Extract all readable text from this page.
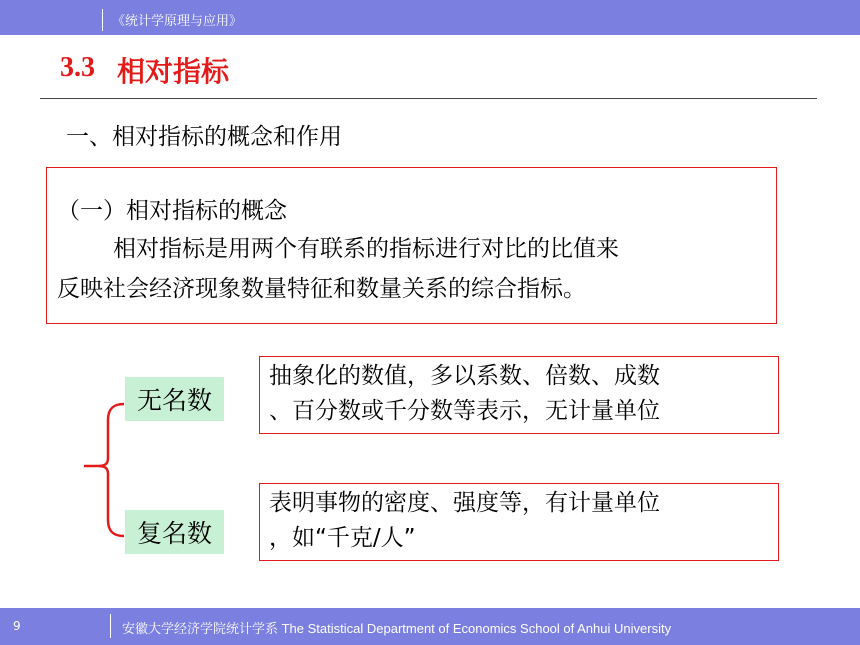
《统计学原理与应用》
3.3 相对指标
一、相对指标的概念和作用
（一）相对指标的概念
相对指标是用两个有联系的指标进行对比的比值来
反映社会经济现象数量特征和数量关系的综合指标。
无名数
抽象化的数值，多以系数、倍数、成数
、百分数或千分数等表示，无计量单位
复名数
表明事物的密度、强度等，有计量单位
，如“千克/人”
9	安徽大学经济学院统计学系 The Statistical Department of Economics School of Anhui University
